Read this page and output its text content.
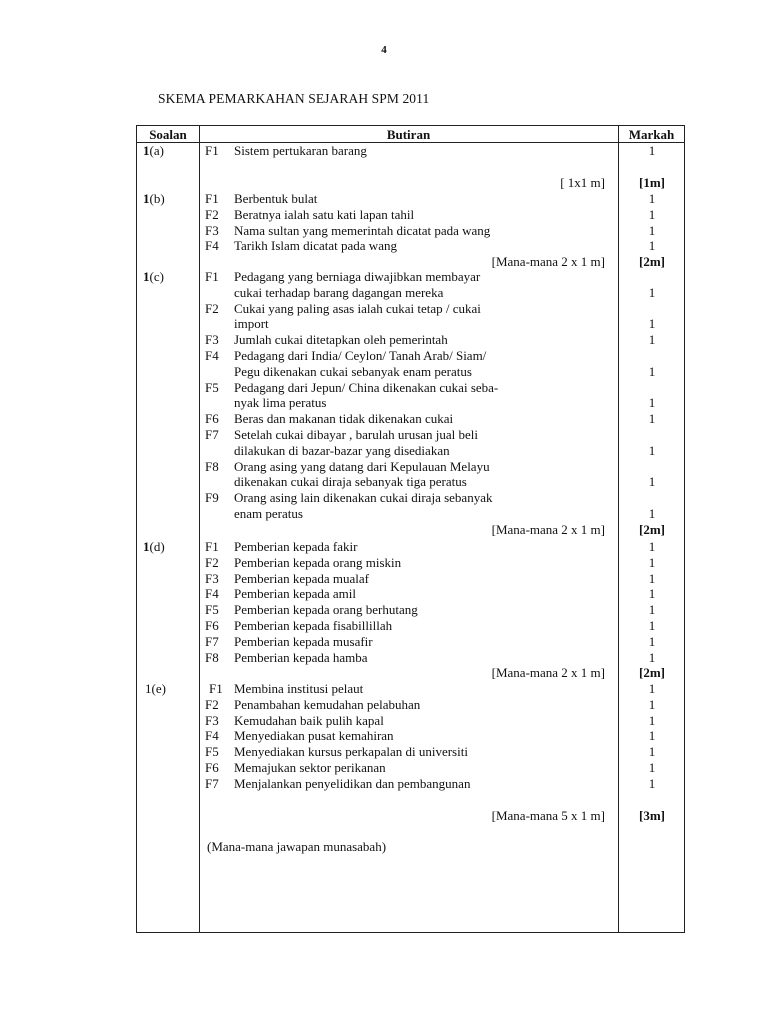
4
SKEMA PEMARKAHAN SEJARAH SPM 2011
Soalan	Butiran	Markah
1(a)	F1 Sistem pertukaran barang	1
[ 1x1 m]	[1m]
1(b)	F1 Berbentuk bulat	1
F2 Beratnya ialah satu kati lapan tahil	1
F3 Nama sultan yang memerintah dicatat pada wang	1
F4 Tarikh Islam dicatat pada wang	1
[Mana-mana 2 x 1 m]	[2m]
1(c)	F1 Pedagang yang berniaga diwajibkan membayar
cukai terhadap barang dagangan mereka	1
F2 Cukai yang paling asas ialah cukai tetap / cukai
import	1
F3 Jumlah cukai ditetapkan oleh pemerintah	1
F4 Pedagang dari India/ Ceylon/ Tanah Arab/ Siam/
Pegu dikenakan cukai sebanyak enam peratus	1
F5 Pedagang dari Jepun/ China dikenakan cukai seba-
nyak lima peratus	1
F6 Beras dan makanan tidak dikenakan cukai	1
F7 Setelah cukai dibayar , barulah urusan jual beli
dilakukan di bazar-bazar yang disediakan	1
F8 Orang asing yang datang dari Kepulauan Melayu
dikenakan cukai diraja sebanyak tiga peratus	1
F9 Orang asing lain dikenakan cukai diraja sebanyak
enam peratus	1
[Mana-mana 2 x 1 m]	[2m]
1(d)	F1 Pemberian kepada fakir	1
F2 Pemberian kepada orang miskin	1
F3 Pemberian kepada mualaf	1
F4 Pemberian kepada amil	1
F5 Pemberian kepada orang berhutang	1
F6 Pemberian kepada fisabillillah	1
F7 Pemberian kepada musafir	1
F8 Pemberian kepada hamba	1
[Mana-mana 2 x 1 m]	[2m]
1(e)	F1 Membina institusi pelaut	1
F2 Penambahan kemudahan pelabuhan	1
F3 Kemudahan baik pulih kapal	1
F4 Menyediakan pusat kemahiran	1
F5 Menyediakan kursus perkapalan di universiti	1
F6 Memajukan sektor perikanan	1
F7 Menjalankan penyelidikan dan pembangunan	1
[Mana-mana 5 x 1 m]	[3m]
(Mana-mana jawapan munasabah)
